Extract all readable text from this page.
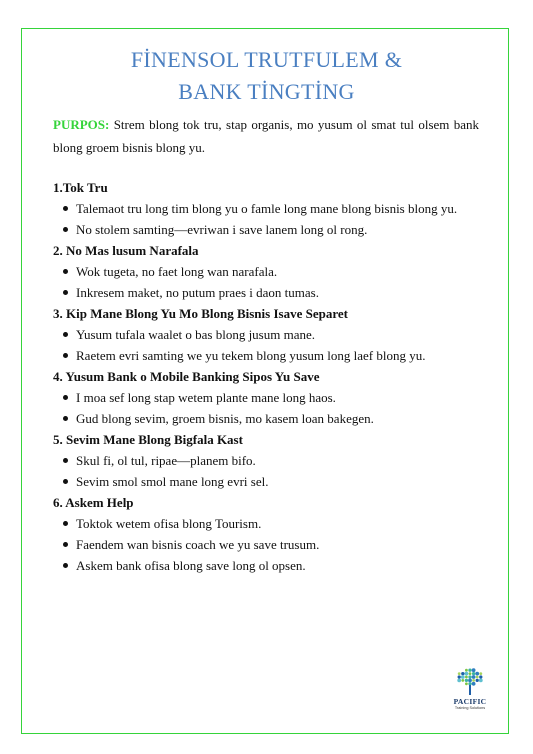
FİNENSOL TRUTFULEM &
BANK TİNGTİNG

PURPOS: Strem blong tok tru, stap organis, mo yusum ol smat tul olsem bank blong groem bisnis blong yu.

1.Tok Tru

Talemaot tru long tim blong yu o famle long mane blong bisnis blong yu.
No stolem samting—evriwan i save lanem long ol rong.

2. No Mas lusum Narafala

Wok tugeta, no faet long wan narafala.
Inkresem maket, no putum praes i daon tumas.

3. Kip Mane Blong Yu Mo Blong Bisnis Isave Separet

Yusum tufala waalet o bas blong jusum mane.
Raetem evri samting we yu tekem blong yusum long laef blong yu.

4. Yusum Bank o Mobile Banking Sipos Yu Save

I moa sef long stap wetem plante mane long haos.
Gud blong sevim, groem bisnis, mo kasem loan bakegen.

5. Sevim Mane Blong Bigfala Kast

Skul fi, ol tul, ripae—planem bifo.
Sevim smol smol mane long evri sel.

6. Askem Help

Toktok wetem ofisa blong Tourism.
Faendem wan bisnis coach we yu save trusum.
Askem bank ofisa blong save long ol opsen.
PACIFIC
Training Solutions
